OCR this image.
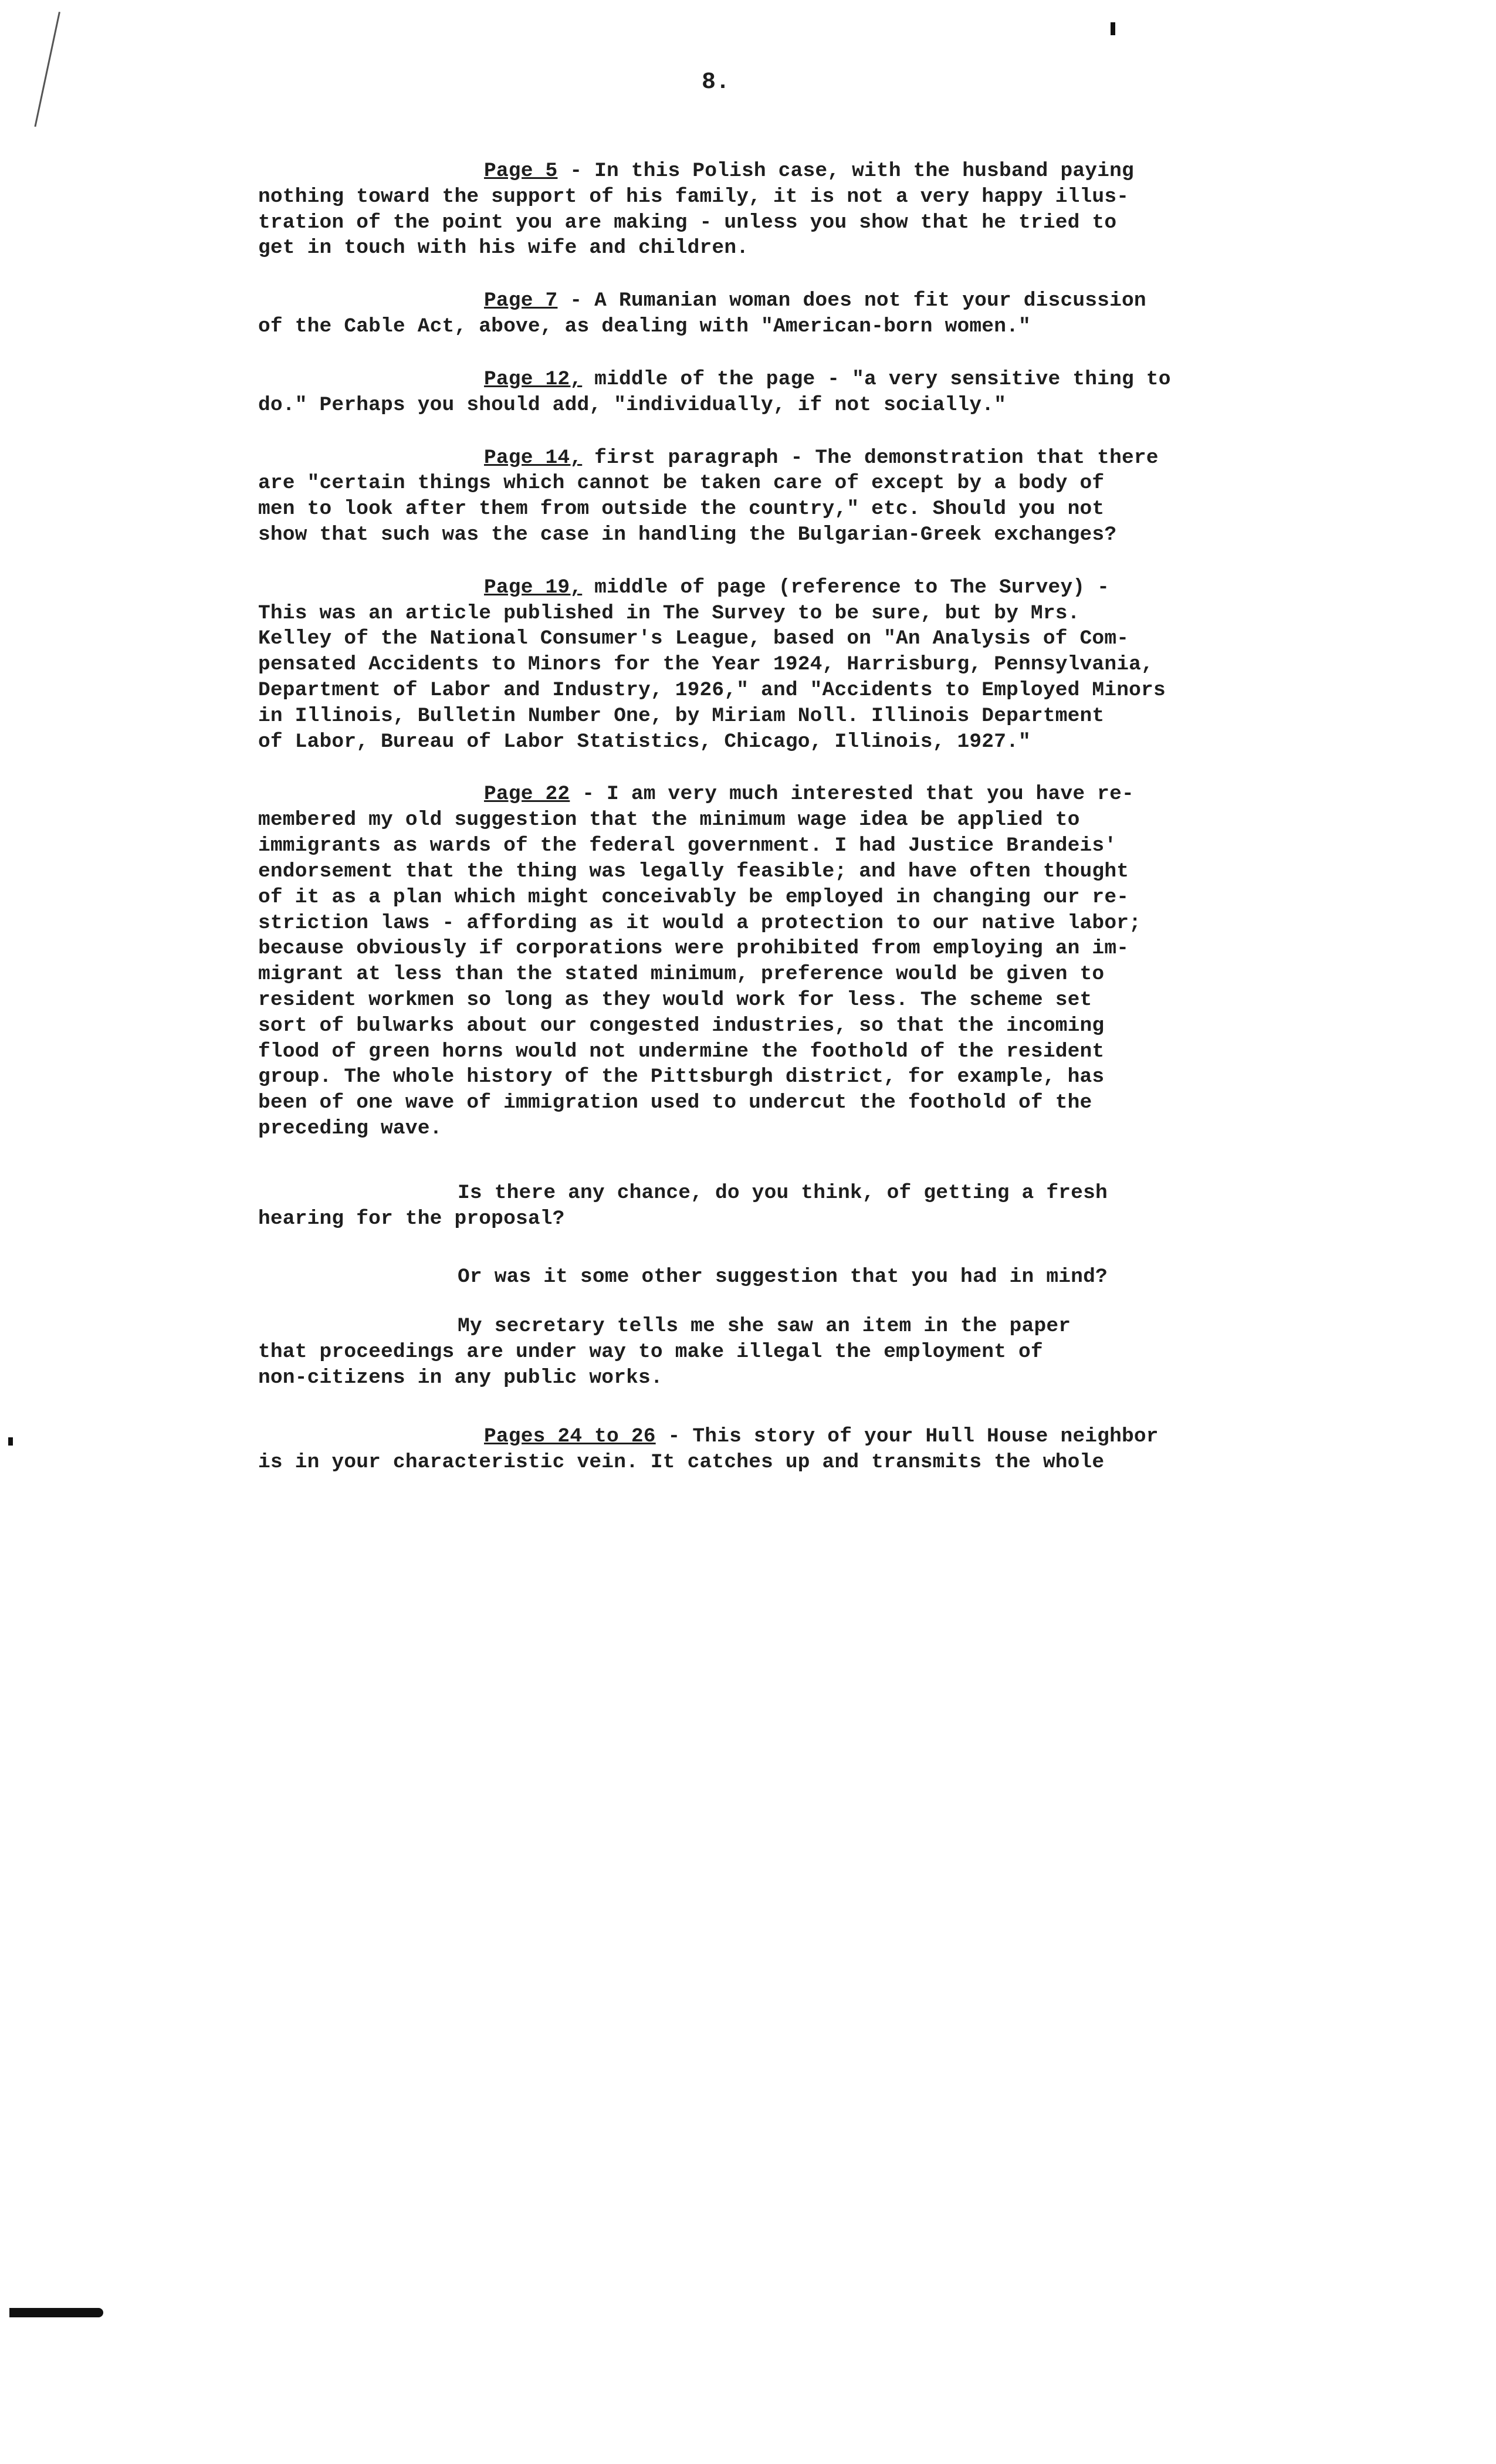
8.

Page 5 - In this Polish case, with the husband paying
nothing toward the support of his family, it is not a very happy illus-
tration of the point you are making - unless you show that he tried to
get in touch with his wife and children.

Page 7 - A Rumanian woman does not fit your discussion
of the Cable Act, above, as dealing with "American-born women."

Page 12, middle of the page - "a very sensitive thing to
do." Perhaps you should add, "individually, if not socially."

Page 14, first paragraph - The demonstration that there
are "certain things which cannot be taken care of except by a body of
men to look after them from outside the country," etc. Should you not
show that such was the case in handling the Bulgarian-Greek exchanges?

Page 19, middle of page (reference to The Survey) -
This was an article published in The Survey to be sure, but by Mrs.
Kelley of the National Consumer's League, based on "An Analysis of Com-
pensated Accidents to Minors for the Year 1924, Harrisburg, Pennsylvania,
Department of Labor and Industry, 1926," and "Accidents to Employed Minors
in Illinois, Bulletin Number One, by Miriam Noll. Illinois Department
of Labor, Bureau of Labor Statistics, Chicago, Illinois, 1927."

Page 22 - I am very much interested that you have re-
membered my old suggestion that the minimum wage idea be applied to
immigrants as wards of the federal government. I had Justice Brandeis'
endorsement that the thing was legally feasible; and have often thought
of it as a plan which might conceivably be employed in changing our re-
striction laws - affording as it would a protection to our native labor;
because obviously if corporations were prohibited from employing an im-
migrant at less than the stated minimum, preference would be given to
resident workmen so long as they would work for less. The scheme set
sort of bulwarks about our congested industries, so that the incoming
flood of green horns would not undermine the foothold of the resident
group. The whole history of the Pittsburgh district, for example, has
been of one wave of immigration used to undercut the foothold of the
preceding wave.

Is there any chance, do you think, of getting a fresh
hearing for the proposal?

Or was it some other suggestion that you had in mind?

My secretary tells me she saw an item in the paper
that proceedings are under way to make illegal the employment of
non-citizens in any public works.

Pages 24 to 26 - This story of your Hull House neighbor
is in your characteristic vein. It catches up and transmits the whole
